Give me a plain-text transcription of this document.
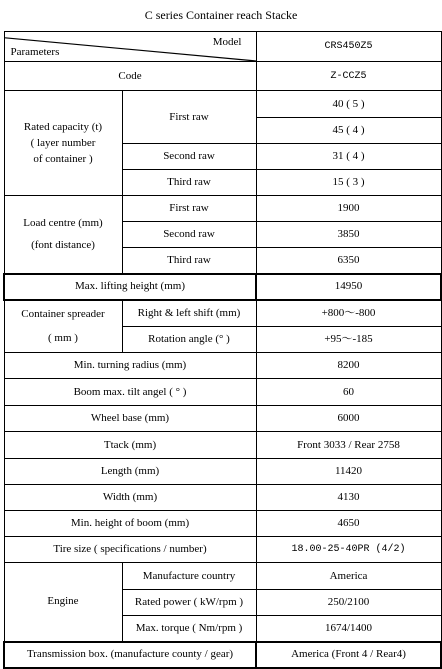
C series Container reach Stacke
Model
Parameters		CRS450Z5
Code		Z-CCZ5

Rated capacity (t)
( layer number
of container )	First raw	40 ( 5 )
		45 ( 4 )
	Second raw	31 ( 4 )
	Third raw	15 ( 3 )

Load centre (mm)
(font distance)	First raw	1900
	Second raw	3850
	Third raw	6350
Max. lifting height (mm)		14950

Container spreader
( mm )	Right & left shift (mm)	+800～-800
	Rotation angle (° )	+95～-185
Min. turning radius (mm)		8200
Boom max. tilt angel ( ° )		60
Wheel base (mm)		6000
Ttack (mm)		Front 3033 / Rear 2758
Length (mm)		11420
Width (mm)		4130
Min. height of boom (mm)		4650
Tire size ( specifications / number)		18.00-25-40PR (4/2)
Engine	Manufacture country	America
	Rated power ( kW/rpm )	250/2100
	Max. torque ( Nm/rpm )	1674/1400
Transmission box. (manufacture county / gear)		America (Front 4 / Rear4)
